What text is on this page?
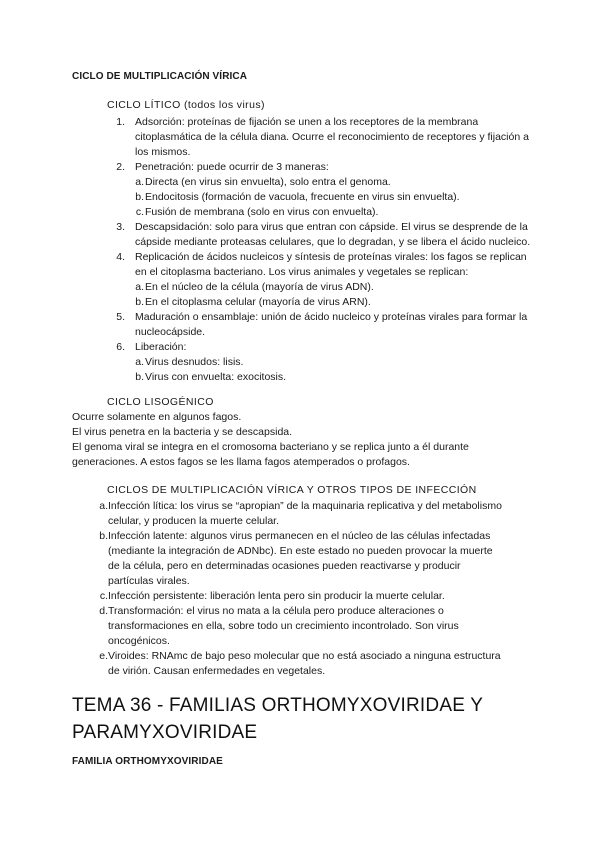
CICLO DE MULTIPLICACIÓN VÍRICA
CICLO LÍTICO (todos los virus)
1. Adsorción: proteínas de fijación se unen a los receptores de la membrana
citoplasmática de la célula diana. Ocurre el reconocimiento de receptores y fijación a
los mismos.
2. Penetración: puede ocurrir de 3 maneras:
a. Directa (en virus sin envuelta), solo entra el genoma.
b. Endocitosis (formación de vacuola, frecuente en virus sin envuelta).
c. Fusión de membrana (solo en virus con envuelta).
3. Descapsidación: solo para virus que entran con cápside. El virus se desprende de la
cápside mediante proteasas celulares, que lo degradan, y se libera el ácido nucleico.
4. Replicación de ácidos nucleicos y síntesis de proteínas virales: los fagos se replican
en el citoplasma bacteriano. Los virus animales y vegetales se replican:
a. En el núcleo de la célula (mayoría de virus ADN).
b. En el citoplasma celular (mayoría de virus ARN).
5. Maduración o ensamblaje: unión de ácido nucleico y proteínas virales para formar la
nucleocápside.
6. Liberación:
a. Virus desnudos: lisis.
b. Virus con envuelta: exocitosis.
CICLO LISOGÉNICO
Ocurre solamente en algunos fagos.
El virus penetra en la bacteria y se descapsida.
El genoma viral se integra en el cromosoma bacteriano y se replica junto a él durante
generaciones. A estos fagos se les llama fagos atemperados o profagos.
CICLOS DE MULTIPLICACIÓN VÍRICA Y OTROS TIPOS DE INFECCIÓN
a. Infección lítica: los virus se “apropian” de la maquinaria replicativa y del metabolismo
celular, y producen la muerte celular.
b. Infección latente: algunos virus permanecen en el núcleo de las células infectadas
(mediante la integración de ADNbc). En este estado no pueden provocar la muerte
de la célula, pero en determinadas ocasiones pueden reactivarse y producir
partículas virales.
c. Infección persistente: liberación lenta pero sin producir la muerte celular.
d. Transformación: el virus no mata a la célula pero produce alteraciones o
transformaciones en ella, sobre todo un crecimiento incontrolado. Son virus
oncogénicos.
e. Viroides: RNAmc de bajo peso molecular que no está asociado a ninguna estructura
de virión. Causan enfermedades en vegetales.
TEMA 36 - FAMILIAS ORTHOMYXOVIRIDAE Y
PARAMYXOVIRIDAE
FAMILIA ORTHOMYXOVIRIDAE
